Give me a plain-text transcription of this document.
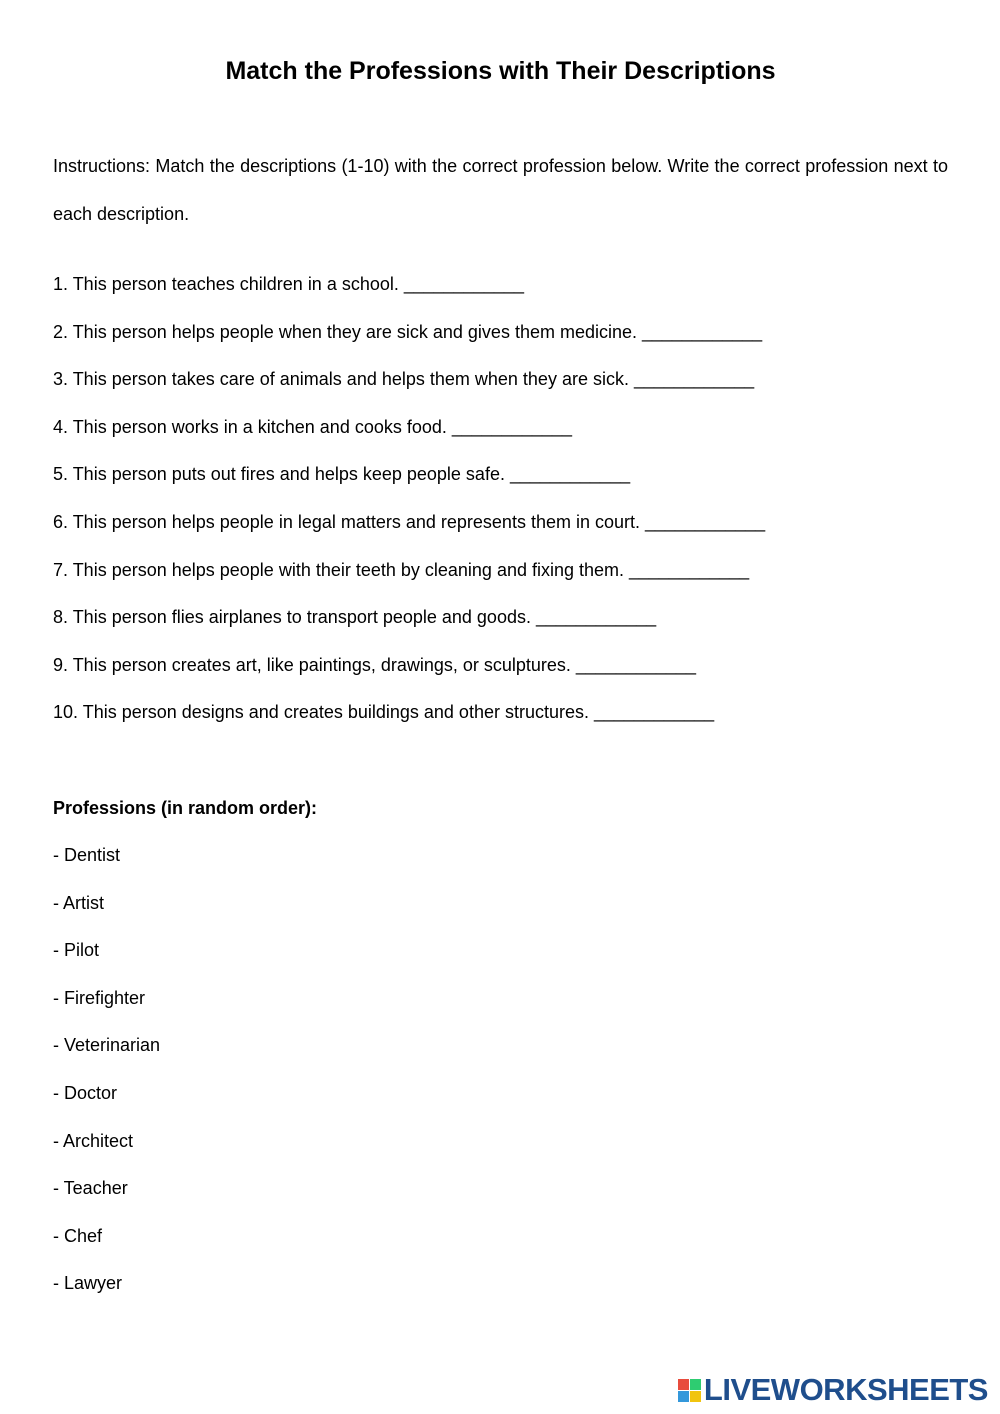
Match the Professions with Their Descriptions
Instructions: Match the descriptions (1-10) with the correct profession below. Write the correct profession next to each description.
1. This person teaches children in a school. ____________
2. This person helps people when they are sick and gives them medicine. ____________
3. This person takes care of animals and helps them when they are sick. ____________
4. This person works in a kitchen and cooks food. ____________
5. This person puts out fires and helps keep people safe. ____________
6. This person helps people in legal matters and represents them in court. ____________
7. This person helps people with their teeth by cleaning and fixing them. ____________
8. This person flies airplanes to transport people and goods. ____________
9. This person creates art, like paintings, drawings, or sculptures. ____________
10. This person designs and creates buildings and other structures. ____________
Professions (in random order):
- Dentist
- Artist
- Pilot
- Firefighter
- Veterinarian
- Doctor
- Architect
- Teacher
- Chef
- Lawyer
LIVEWORKSHEETS
